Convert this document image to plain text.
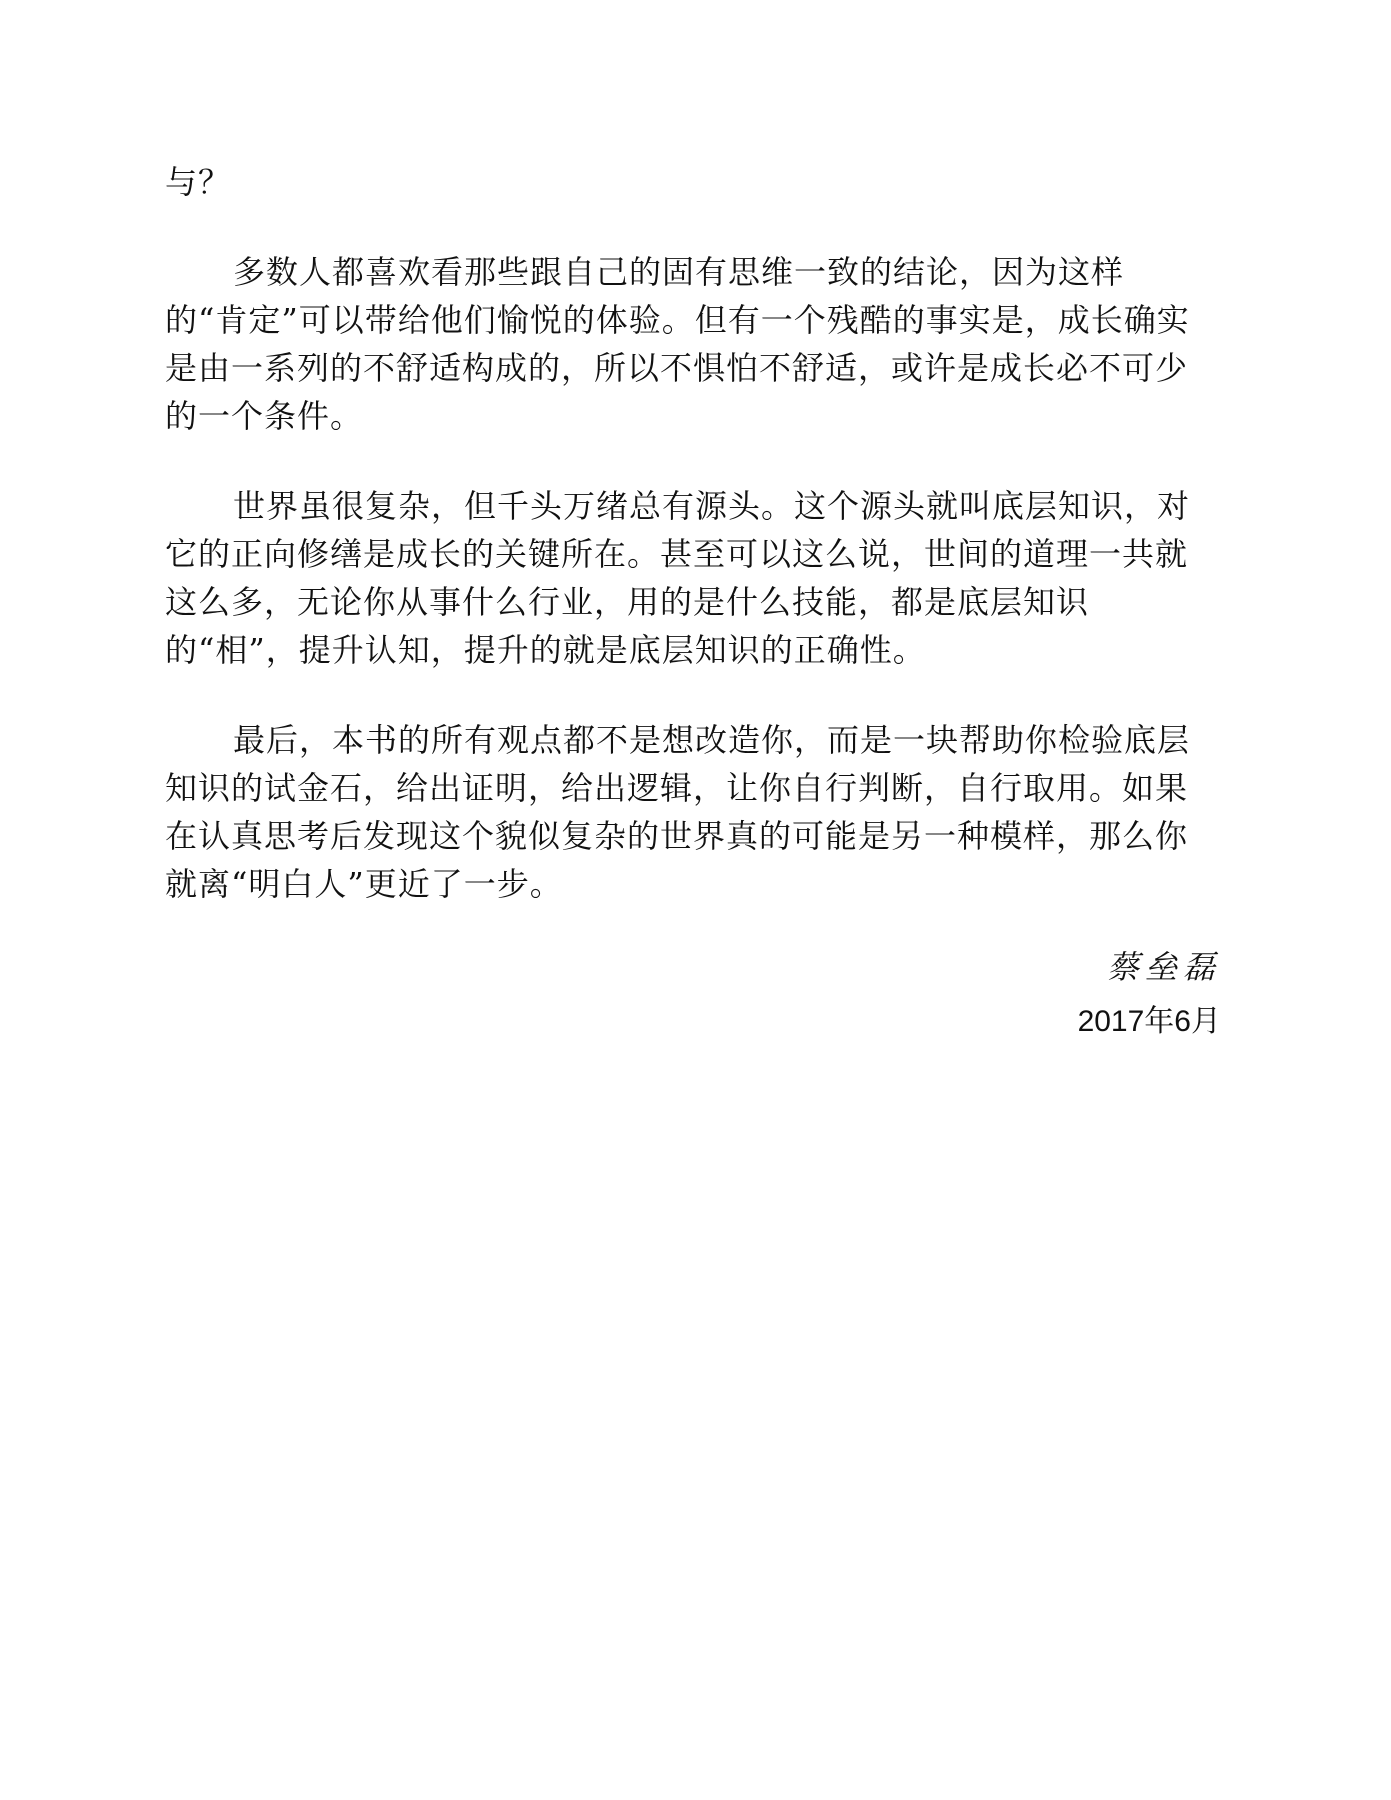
与？
多数人都喜欢看那些跟自己的固有思维一致的结论，因为这样
的“肯定”可以带给他们愉悦的体验。但有一个残酷的事实是，成长确实
是由一系列的不舒适构成的，所以不惧怕不舒适，或许是成长必不可少
的一个条件。
世界虽很复杂，但千头万绪总有源头。这个源头就叫底层知识，对
它的正向修缮是成长的关键所在。甚至可以这么说，世间的道理一共就
这么多，无论你从事什么行业，用的是什么技能，都是底层知识
的“相”，提升认知，提升的就是底层知识的正确性。
最后，本书的所有观点都不是想改造你，而是一块帮助你检验底层
知识的试金石，给出证明，给出逻辑，让你自行判断，自行取用。如果
在认真思考后发现这个貌似复杂的世界真的可能是另一种模样，那么你
就离“明白人”更近了一步。
蔡垒磊
2017年6月
